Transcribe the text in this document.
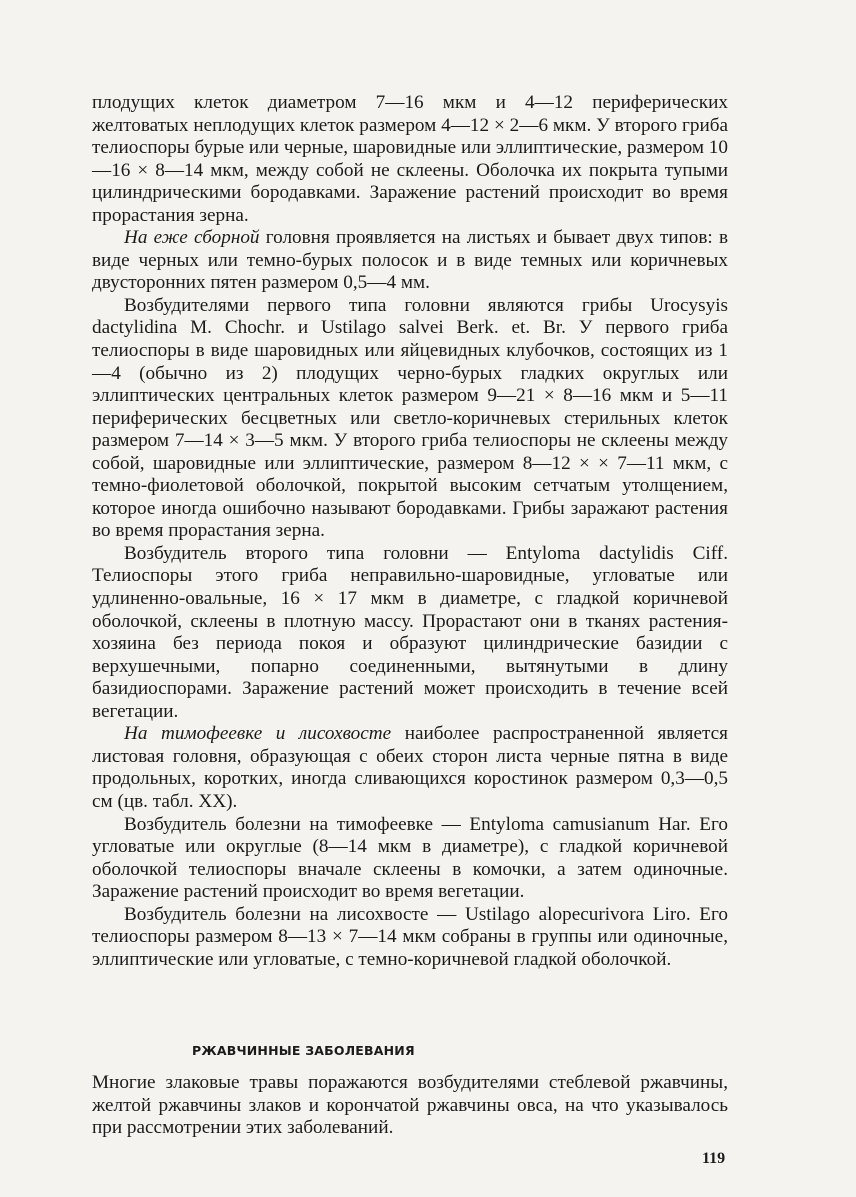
плодущих клеток диаметром 7—16 мкм и 4—12 периферических желтоватых неплодущих клеток размером 4—12 × 2—6 мкм. У второго гриба телиоспоры бурые или черные, шаровидные или эллиптические, размером 10—16 × 8—14 мкм, между собой не склеены. Оболочка их покрыта тупыми цилиндрическими бородавками. Заражение растений происходит во время прорастания зерна.

На еже сборной головня проявляется на листьях и бывает двух типов: в виде черных или темно-бурых полосок и в виде темных или коричневых двусторонних пятен размером 0,5—4 мм.

Возбудителями первого типа головни являются грибы Urocysyis dactylidina M. Chochr. и Ustilago salvei Berk. et. Br. У первого гриба телиоспоры в виде шаровидных или яйцевидных клубочков, состоящих из 1—4 (обычно из 2) плодущих черно-бурых гладких округлых или эллиптических центральных клеток размером 9—21 × 8—16 мкм и 5—11 периферических бесцветных или светло-коричневых стерильных клеток размером 7—14 × 3—5 мкм. У второго гриба телиоспоры не склеены между собой, шаровидные или эллиптические, размером 8—12 × × 7—11 мкм, с темно-фиолетовой оболочкой, покрытой высоким сетчатым утолщением, которое иногда ошибочно называют бородавками. Грибы заражают растения во время прорастания зерна.

Возбудитель второго типа головни — Entyloma dactylidis Ciff. Телиоспоры этого гриба неправильно-шаровидные, угловатые или удлиненно-овальные, 16 × 17 мкм в диаметре, с гладкой коричневой оболочкой, склеены в плотную массу. Прорастают они в тканях растения-хозяина без периода покоя и образуют цилиндрические базидии с верхушечными, попарно соединенными, вытянутыми в длину базидиоспорами. Заражение растений может происходить в течение всей вегетации.

На тимофеевке и лисохвосте наиболее распространенной является листовая головня, образующая с обеих сторон листа черные пятна в виде продольных, коротких, иногда сливающихся коростинок размером 0,3—0,5 см (цв. табл. XX).

Возбудитель болезни на тимофеевке — Entyloma camusianum Har. Его угловатые или округлые (8—14 мкм в диаметре), с гладкой коричневой оболочкой телиоспоры вначале склеены в комочки, а затем одиночные. Заражение растений происходит во время вегетации.

Возбудитель болезни на лисохвосте — Ustilago alopecurivora Liro. Его телиоспоры размером 8—13 × 7—14 мкм собраны в группы или одиночные, эллиптические или угловатые, с темно-коричневой гладкой оболочкой.

РЖАВЧИННЫЕ ЗАБОЛЕВАНИЯ

Многие злаковые травы поражаются возбудителями стеблевой ржавчины, желтой ржавчины злаков и корончатой ржавчины овса, на что указывалось при рассмотрении этих заболеваний.

119
